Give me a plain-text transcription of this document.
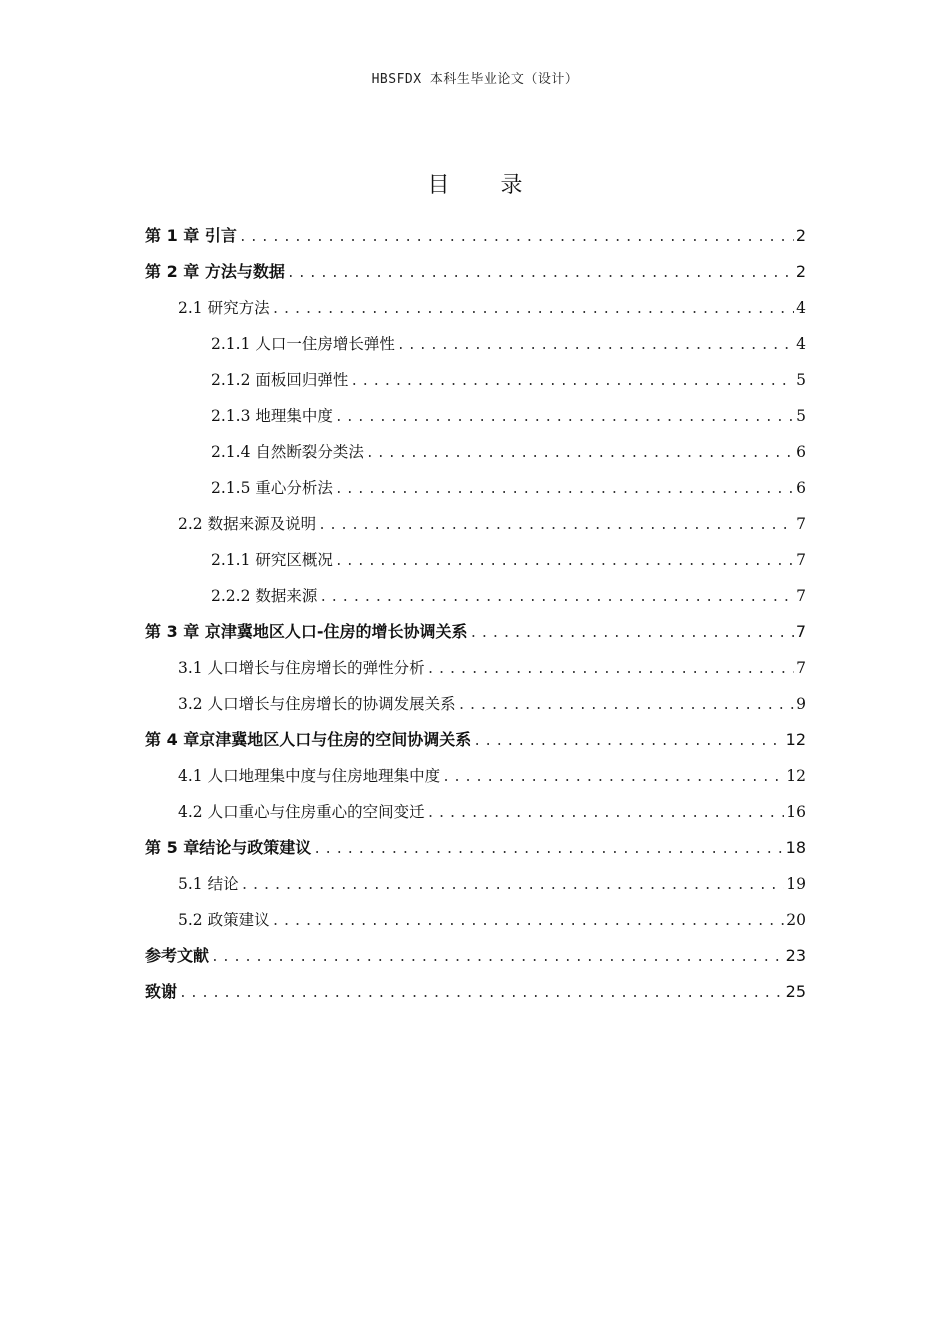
HBSFDX 本科生毕业论文（设计）
目 录
第 1 章 引言 .....	2
第 2 章 方法与数据 .....	2
2.1 研究方法 .....	4
2.1.1 人口一住房增长弹性 .....	4
2.1.2 面板回归弹性 .....	5
2.1.3 地理集中度 .....	5
2.1.4 自然断裂分类法 .....	6
2.1.5 重心分析法 .....	6
2.2 数据来源及说明 .....	7
2.1.1 研究区概况 .....	7
2.2.2 数据来源 .....	7
第 3 章 京津冀地区人口-住房的增长协调关系 .....	7
3.1 人口增长与住房增长的弹性分析 .....	7
3.2 人口增长与住房增长的协调发展关系 .....	9
第 4 章京津冀地区人口与住房的空间协调关系 .....	12
4.1 人口地理集中度与住房地理集中度 .....	12
4.2 人口重心与住房重心的空间变迁 .....	16
第 5 章结论与政策建议 .....	18
5.1 结论 .....	19
5.2 政策建议 .....	20
参考文献 .....	23
致谢 .....	25
